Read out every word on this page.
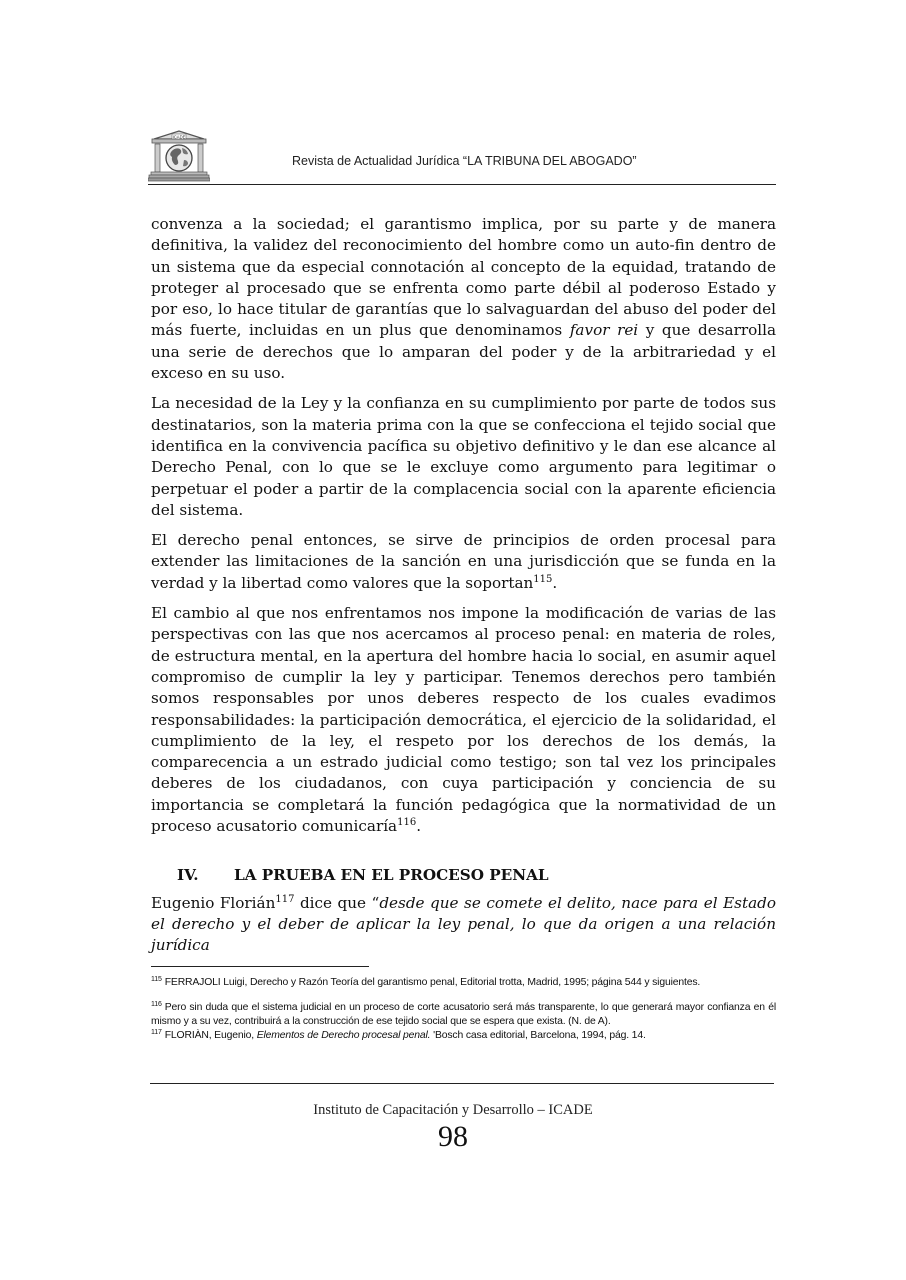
ICADE
Revista de Actualidad Jurídica “LA TRIBUNA DEL ABOGADO”

convenza a la sociedad; el garantismo implica, por su parte y de manera definitiva, la validez del reconocimiento del hombre como un auto-fin dentro de un sistema que da especial connotación al concepto de la equidad, tratando de proteger al procesado que se enfrenta como parte débil al poderoso Estado y por eso, lo hace titular de garantías que lo salvaguardan del abuso del poder del más fuerte, incluidas en un plus que denominamos favor rei y que desarrolla una serie de derechos que lo amparan del poder y de la arbitrariedad y el exceso en su uso.

La necesidad de la Ley y la confianza en su cumplimiento por parte de todos sus destinatarios, son la materia prima con la que se confecciona el tejido social que identifica en la convivencia pacífica su objetivo definitivo y le dan ese alcance al Derecho Penal, con lo que se le excluye como argumento para legitimar o perpetuar el poder a partir de la complacencia social con la aparente eficiencia del sistema.

El derecho penal entonces, se sirve de principios de orden procesal para extender las limitaciones de la sanción en una jurisdicción que se funda en la verdad y la libertad como valores que la soportan$^{115}$.

El cambio al que nos enfrentamos nos impone la modificación de varias de las perspectivas con las que nos acercamos al proceso penal: en materia de roles, de estructura mental, en la apertura del hombre hacia lo social, en asumir aquel compromiso de cumplir la ley y participar. Tenemos derechos pero también somos responsables por unos deberes respecto de los cuales evadimos responsabilidades: la participación democrática, el ejercicio de la solidaridad, el cumplimiento de la ley, el respeto por los derechos de los demás, la comparecencia a un estrado judicial como testigo; son tal vez los principales deberes de los ciudadanos, con cuya participación y conciencia de su importancia se completará la función pedagógica que la normatividad de un proceso acusatorio comunicaría$^{116}$.

IV.	LA PRUEBA EN EL PROCESO PENAL

Eugenio Florián$^{117}$ dice que “desde que se comete el delito, nace para el Estado el derecho y el deber de aplicar la ley penal, lo que da origen a una relación jurídica

$^{115}$ FERRAJOLI Luigi, Derecho y Razón Teoría del garantismo penal, Editorial trotta, Madrid, 1995; página 544 y siguientes.

$^{116}$ Pero sin duda que el sistema judicial en un proceso de corte acusatorio será más transparente, lo que generará mayor confianza en él mismo y a su vez, contribuirá a la construcción de ese tejido social que se espera que exista. (N. de A).

$^{117}$ FLORIÀN, Eugenio, Elementos de Derecho procesal penal. 'Bosch casa editorial, Barcelona, 1994, pág. 14.

Instituto de Capacitación y Desarrollo – ICADE
98
